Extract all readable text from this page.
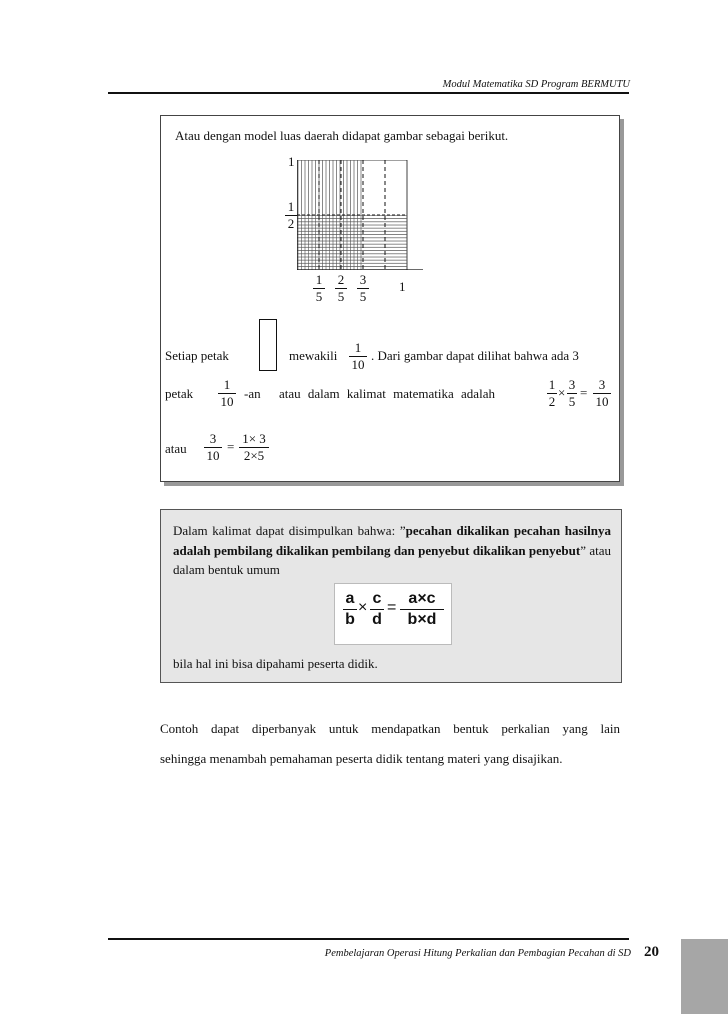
Modul Matematika SD Program BERMUTU
Atau dengan model luas daerah didapat gambar sebagai berikut.
1
1
2
1
5
2
5
3
5
1
Setiap petak	mewakili
1
10
. Dari gambar dapat dilihat bahwa ada 3
petak
1
10
-an atau dalam kalimat matematika adalah
1
2
×
3
5
=
3
10
atau
3
10
=
1× 3
2×5
Dalam kalimat dapat disimpulkan bahwa: ”pecahan dikalikan pecahan hasilnya adalah pembilang dikalikan pembilang dan penyebut dikalikan penyebut” atau dalam bentuk umum
bila hal ini bisa dipahami peserta didik.
a
b
×
c
d
=
a×c
b×d
Contoh dapat diperbanyak untuk mendapatkan bentuk perkalian yang lain
sehingga menambah pemahaman peserta didik tentang materi yang disajikan.
Pembelajaran Operasi Hitung Perkalian dan Pembagian Pecahan di SD 20
